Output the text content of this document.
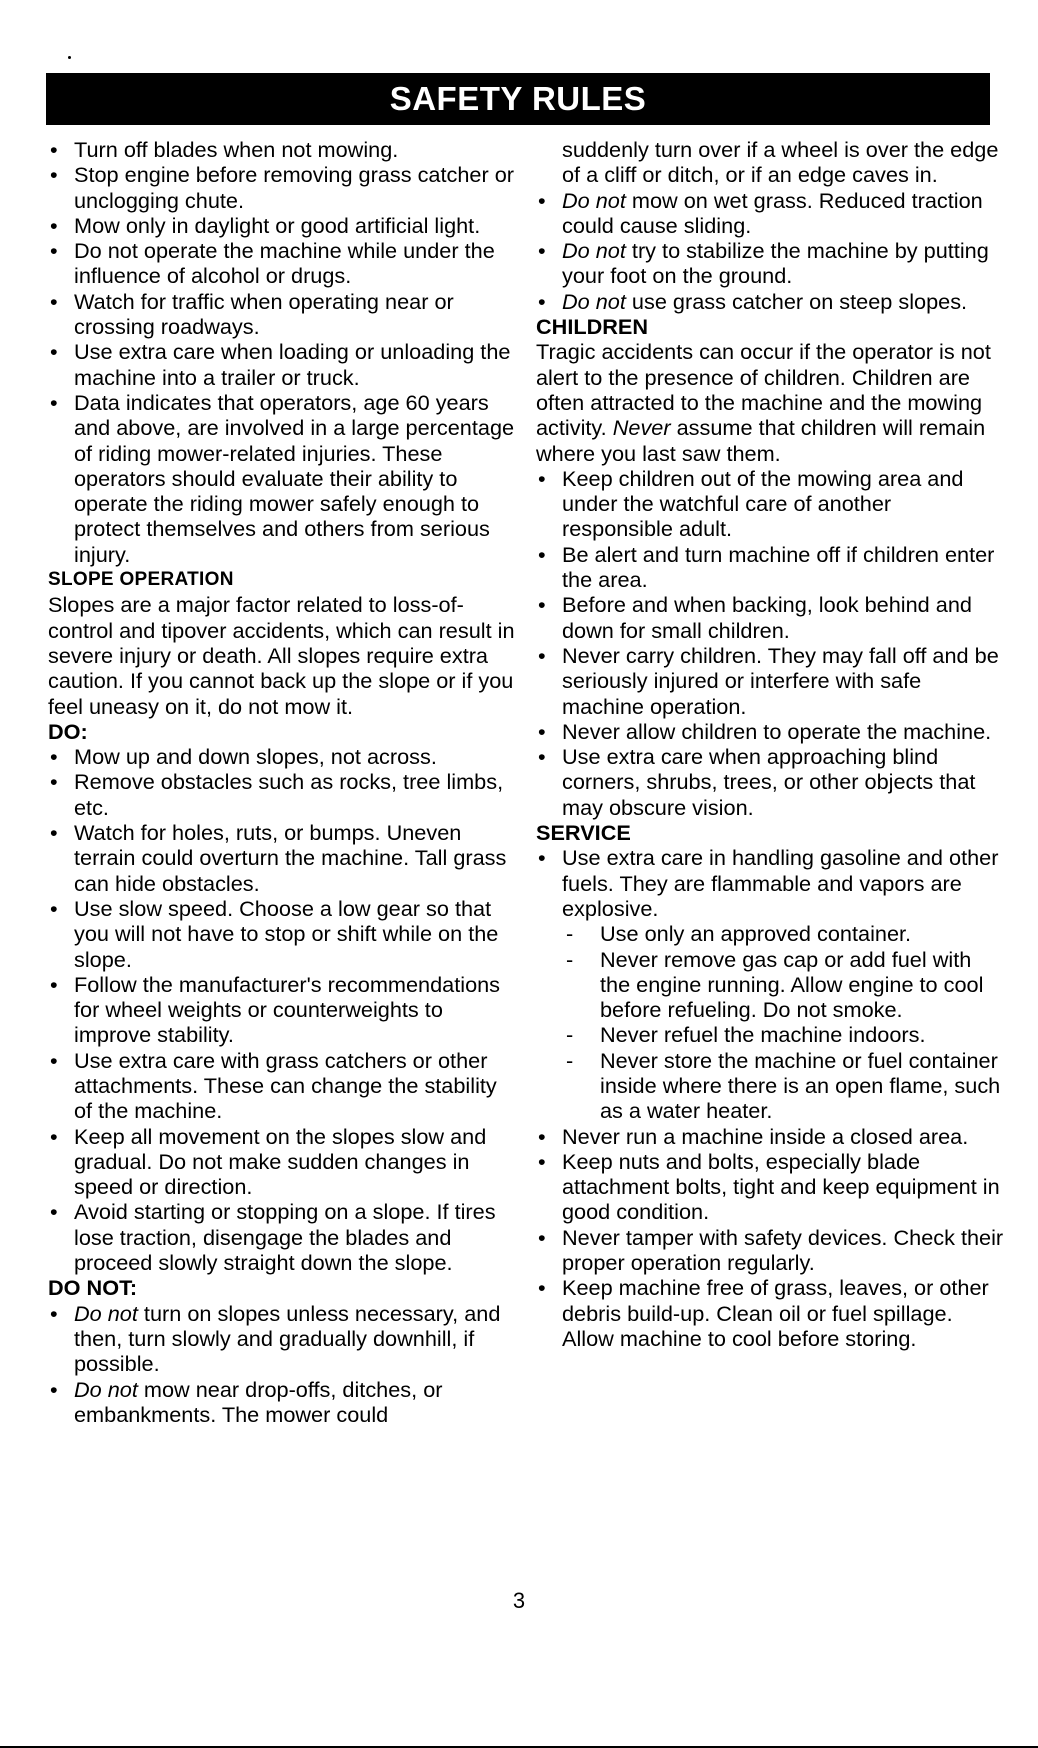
SAFETY RULES
• Turn off blades when not mowing.
• Stop engine before removing grass catcher or unclogging chute.
• Mow only in daylight or good artificial light.
• Do not operate the machine while under the influence of alcohol or drugs.
• Watch for traffic when operating near or crossing roadways.
• Use extra care when loading or unloading the machine into a trailer or truck.
• Data indicates that operators, age 60 years and above, are involved in a large percentage of riding mower-related injuries. These operators should evaluate their ability to operate the riding mower safely enough to protect themselves and others from serious injury.
SLOPE OPERATION
Slopes are a major factor related to loss-of-control and tipover accidents, which can result in severe injury or death. All slopes require extra caution. If you cannot back up the slope or if you feel uneasy on it, do not mow it.
DO:
• Mow up and down slopes, not across.
• Remove obstacles such as rocks, tree limbs, etc.
• Watch for holes, ruts, or bumps. Uneven terrain could overturn the machine. Tall grass can hide obstacles.
• Use slow speed. Choose a low gear so that you will not have to stop or shift while on the slope.
• Follow the manufacturer's recommendations for wheel weights or counterweights to improve stability.
• Use extra care with grass catchers or other attachments. These can change the stability of the machine.
• Keep all movement on the slopes slow and gradual. Do not make sudden changes in speed or direction.
• Avoid starting or stopping on a slope. If tires lose traction, disengage the blades and proceed slowly straight down the slope.
DO NOT:
• Do not turn on slopes unless necessary, and then, turn slowly and gradually downhill, if possible.
• Do not mow near drop-offs, ditches, or embankments. The mower could
suddenly turn over if a wheel is over the edge of a cliff or ditch, or if an edge caves in.
• Do not mow on wet grass. Reduced traction could cause sliding.
• Do not try to stabilize the machine by putting your foot on the ground.
• Do not use grass catcher on steep slopes.
CHILDREN
Tragic accidents can occur if the operator is not alert to the presence of children. Children are often attracted to the machine and the mowing activity. Never assume that children will remain where you last saw them.
• Keep children out of the mowing area and under the watchful care of another responsible adult.
• Be alert and turn machine off if children enter the area.
• Before and when backing, look behind and down for small children.
• Never carry children. They may fall off and be seriously injured or interfere with safe machine operation.
• Never allow children to operate the machine.
• Use extra care when approaching blind corners, shrubs, trees, or other objects that may obscure vision.
SERVICE
• Use extra care in handling gasoline and other fuels. They are flammable and vapors are explosive.
-	Use only an approved container.
-	Never remove gas cap or add fuel with the engine running. Allow engine to cool before refueling. Do not smoke.
-	Never refuel the machine indoors.
-	Never store the machine or fuel container inside where there is an open flame, such as a water heater.
• Never run a machine inside a closed area.
• Keep nuts and bolts, especially blade attachment bolts, tight and keep equipment in good condition.
• Never tamper with safety devices. Check their proper operation regularly.
• Keep machine free of grass, leaves, or other debris build-up. Clean oil or fuel spillage. Allow machine to cool before storing.
3
